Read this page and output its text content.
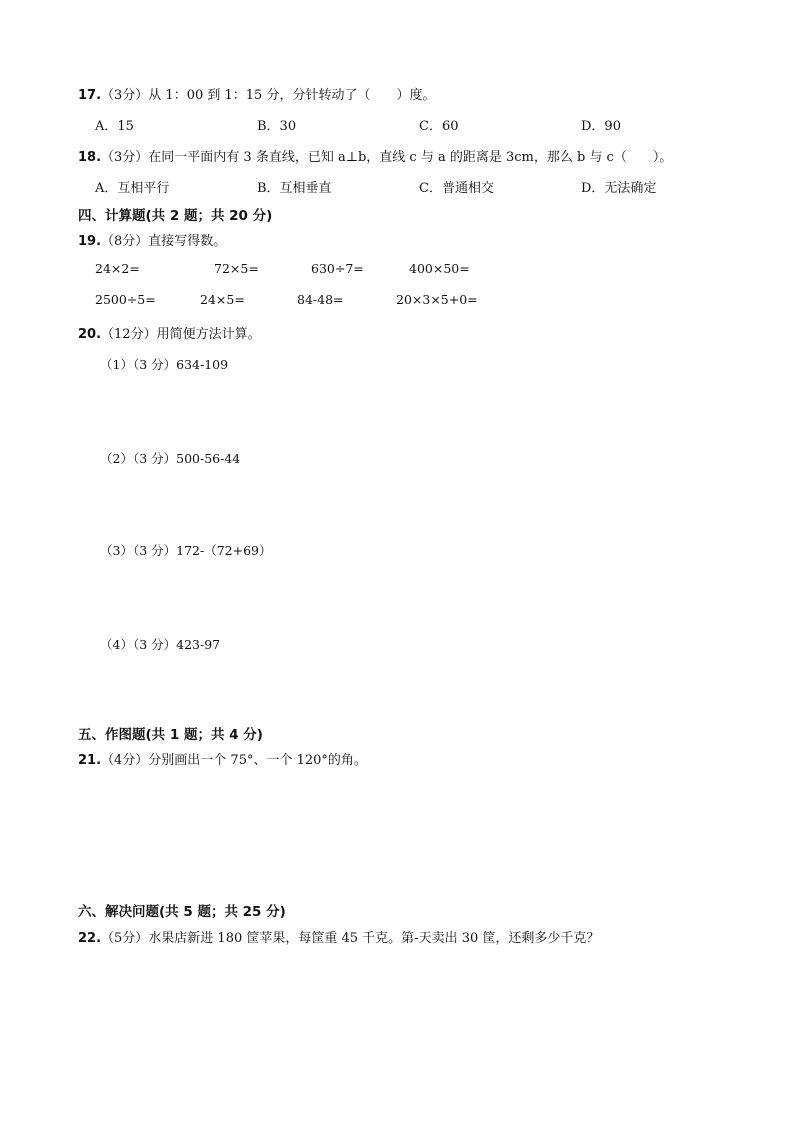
17.（3分）从 1：00 到 1：15 分，分针转动了（　　）度。
A．15	B．30	C．60	D．90
18.（3分）在同一平面内有 3 条直线，已知 a⊥b，直线 c 与 a 的距离是 3cm，那么 b 与 c（　　）。
A．互相平行	B．互相垂直	C．普通相交	D．无法确定
四、计算题(共 2 题；共 20 分)
19.（8分）直接写得数。
24×2=	72×5=	630÷7=	400×50=
2500÷5=	24×5=	84-48=	20×3×5+0=
20.（12分）用简便方法计算。
（1）（3 分）634-109
（2）（3 分）500-56-44
（3）（3 分）172-（72+69）
（4）（3 分）423-97
五、作图题(共 1 题；共 4 分)
21.（4分）分别画出一个 75°、一个 120°的角。
六、解决问题(共 5 题；共 25 分)
22.（5分）水果店新进 180 筐苹果，每筐重 45 千克。第-天卖出 30 筐，还剩多少千克？
